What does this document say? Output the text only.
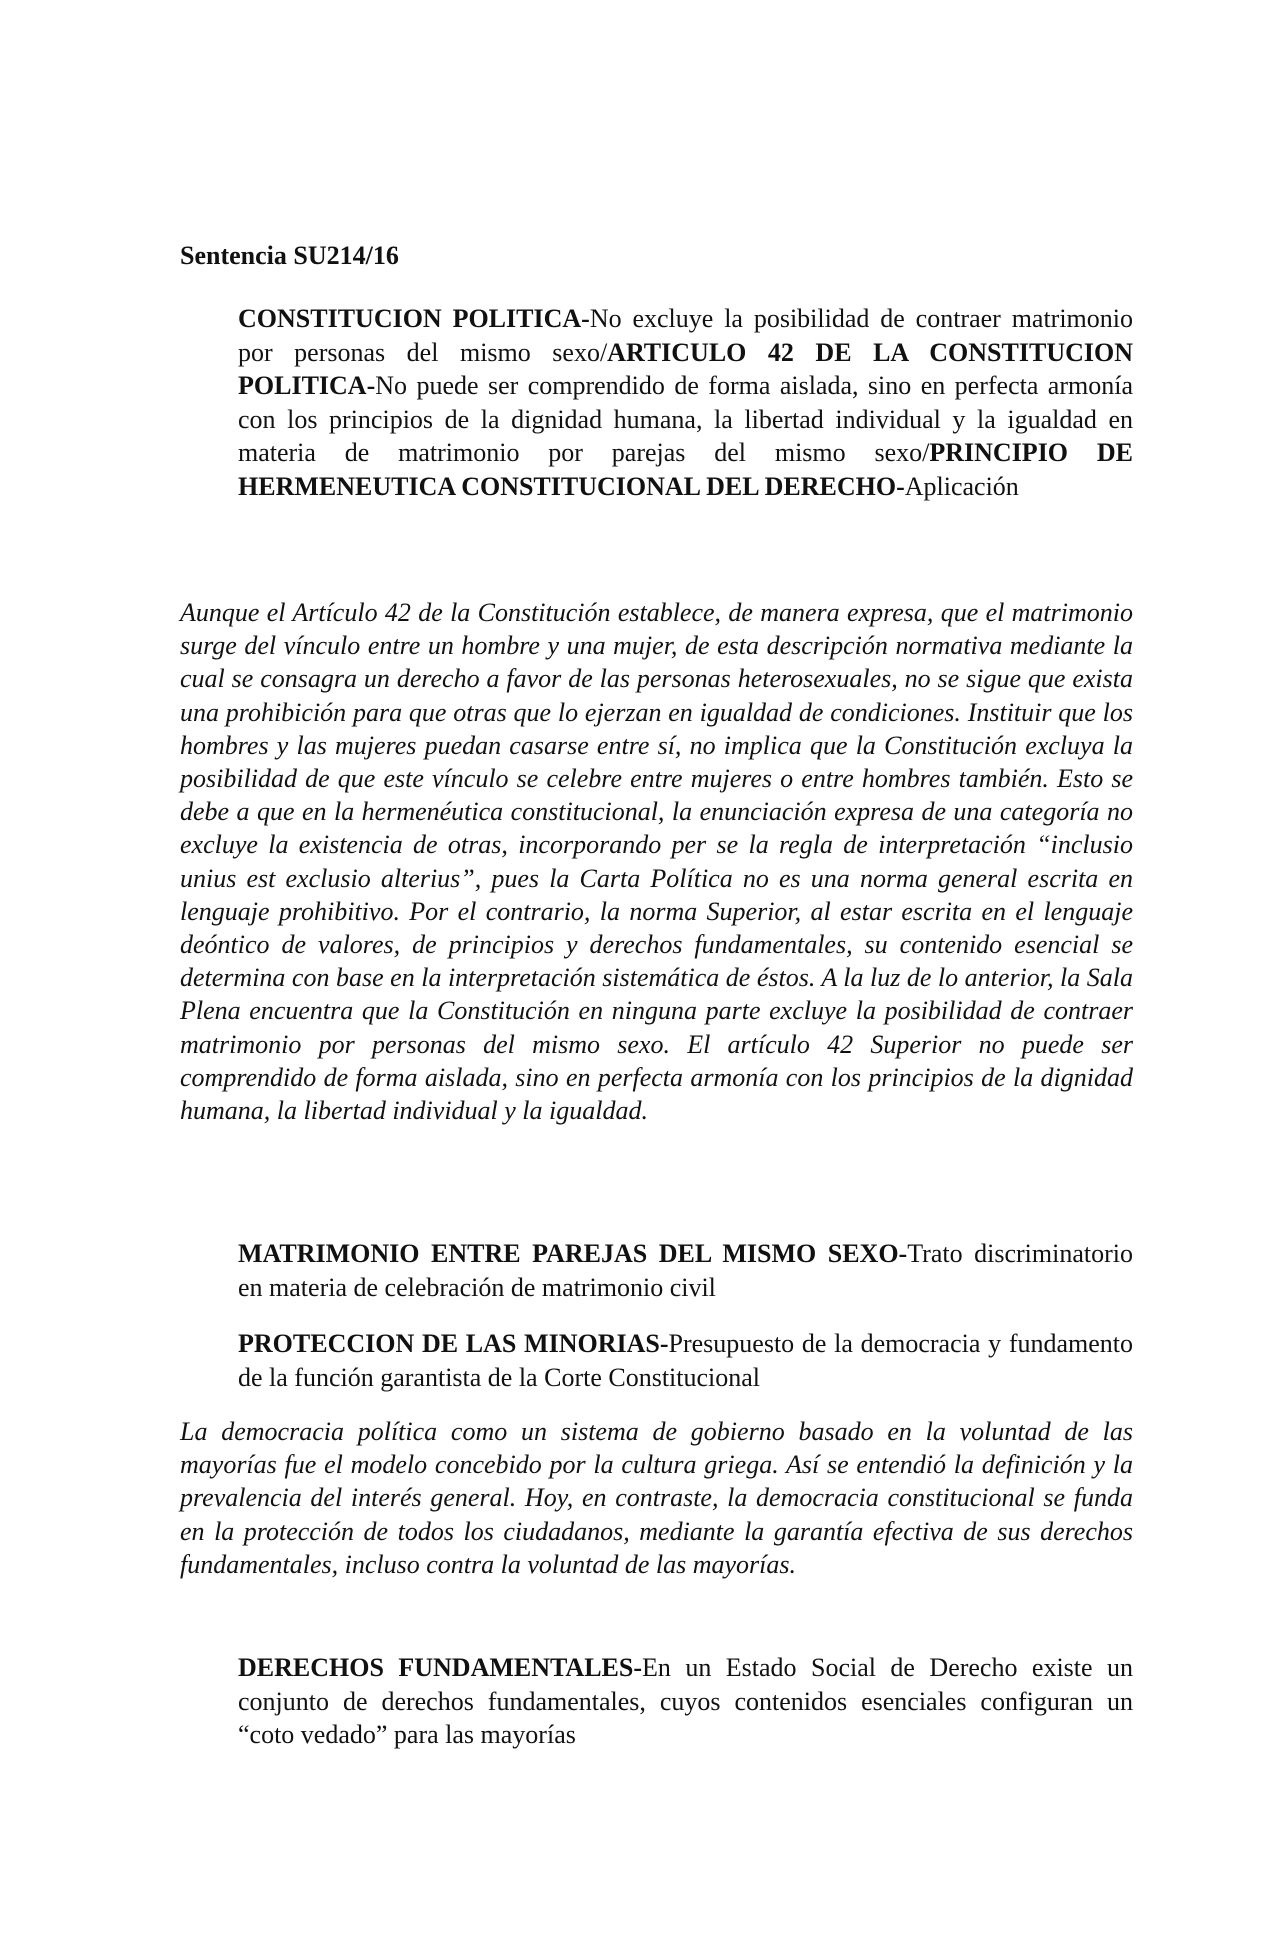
Sentencia SU214/16
CONSTITUCION POLITICA-No excluye la posibilidad de contraer matrimonio por personas del mismo sexo/ARTICULO 42 DE LA CONSTITUCION POLITICA-No puede ser comprendido de forma aislada, sino en perfecta armonía con los principios de la dignidad humana, la libertad individual y la igualdad en materia de matrimonio por parejas del mismo sexo/PRINCIPIO DE HERMENEUTICA CONSTITUCIONAL DEL DERECHO-Aplicación
Aunque el Artículo 42 de la Constitución establece, de manera expresa, que el matrimonio surge del vínculo entre un hombre y una mujer, de esta descripción normativa mediante la cual se consagra un derecho a favor de las personas heterosexuales, no se sigue que exista una prohibición para que otras que lo ejerzan en igualdad de condiciones. Instituir que los hombres y las mujeres puedan casarse entre sí, no implica que la Constitución excluya la posibilidad de que este vínculo se celebre entre mujeres o entre hombres también. Esto se debe a que en la hermenéutica constitucional, la enunciación expresa de una categoría no excluye la existencia de otras, incorporando per se la regla de interpretación “inclusio unius est exclusio alterius”, pues la Carta Política no es una norma general escrita en lenguaje prohibitivo. Por el contrario, la norma Superior, al estar escrita en el lenguaje deóntico de valores, de principios y derechos fundamentales, su contenido esencial se determina con base en la interpretación sistemática de éstos. A la luz de lo anterior, la Sala Plena encuentra que la Constitución en ninguna parte excluye la posibilidad de contraer matrimonio por personas del mismo sexo. El artículo 42 Superior no puede ser comprendido de forma aislada, sino en perfecta armonía con los principios de la dignidad humana, la libertad individual y la igualdad.
MATRIMONIO ENTRE PAREJAS DEL MISMO SEXO-Trato discriminatorio en materia de celebración de matrimonio civil
PROTECCION DE LAS MINORIAS-Presupuesto de la democracia y fundamento de la función garantista de la Corte Constitucional
La democracia política como un sistema de gobierno basado en la voluntad de las mayorías fue el modelo concebido por la cultura griega. Así se entendió la definición y la prevalencia del interés general. Hoy, en contraste, la democracia constitucional se funda en la protección de todos los ciudadanos, mediante la garantía efectiva de sus derechos fundamentales, incluso contra la voluntad de las mayorías.
DERECHOS FUNDAMENTALES-En un Estado Social de Derecho existe un conjunto de derechos fundamentales, cuyos contenidos esenciales configuran un “coto vedado” para las mayorías
